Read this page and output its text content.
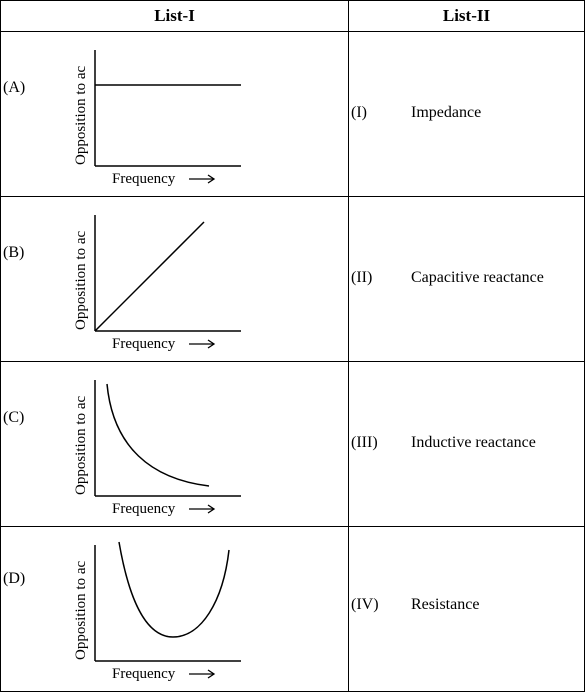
List-I	List-II

(A) Opposition to ac
Frequency	(I) Impedance

(B) Opposition to ac
Frequency	(II) Capacitive reactance

(C) Opposition to ac
Frequency	(III) Inductive reactance

(D) Opposition to ac
Frequency	(IV) Resistance
